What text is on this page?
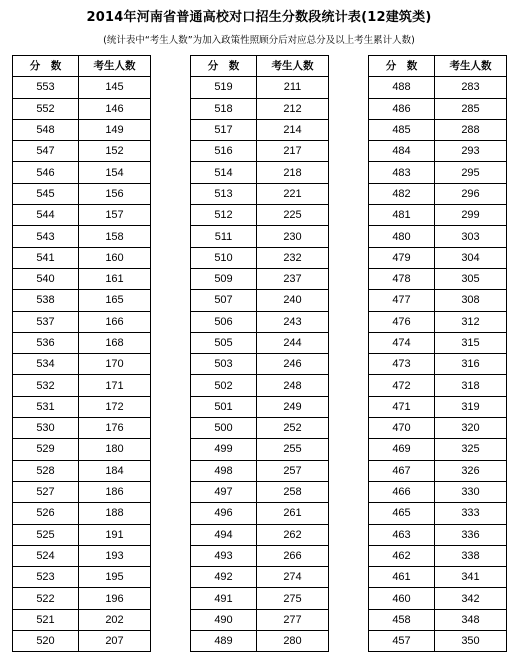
2014年河南省普通高校对口招生分数段统计表(12建筑类)
(统计表中“考生人数”为加入政策性照顾分后对应总分及以上考生累计人数)
分　数	考生人数
553	145
552	146
548	149
547	152
546	154
545	156
544	157
543	158
541	160
540	161
538	165
537	166
536	168
534	170
532	171
531	172
530	176
529	180
528	184
527	186
526	188
525	191
524	193
523	195
522	196
521	202
520	207
分　数	考生人数
519	211
518	212
517	214
516	217
514	218
513	221
512	225
511	230
510	232
509	237
507	240
506	243
505	244
503	246
502	248
501	249
500	252
499	255
498	257
497	258
496	261
494	262
493	266
492	274
491	275
490	277
489	280
分　数	考生人数
488	283
486	285
485	288
484	293
483	295
482	296
481	299
480	303
479	304
478	305
477	308
476	312
474	315
473	316
472	318
471	319
470	320
469	325
467	326
466	330
465	333
463	336
462	338
461	341
460	342
458	348
457	350
